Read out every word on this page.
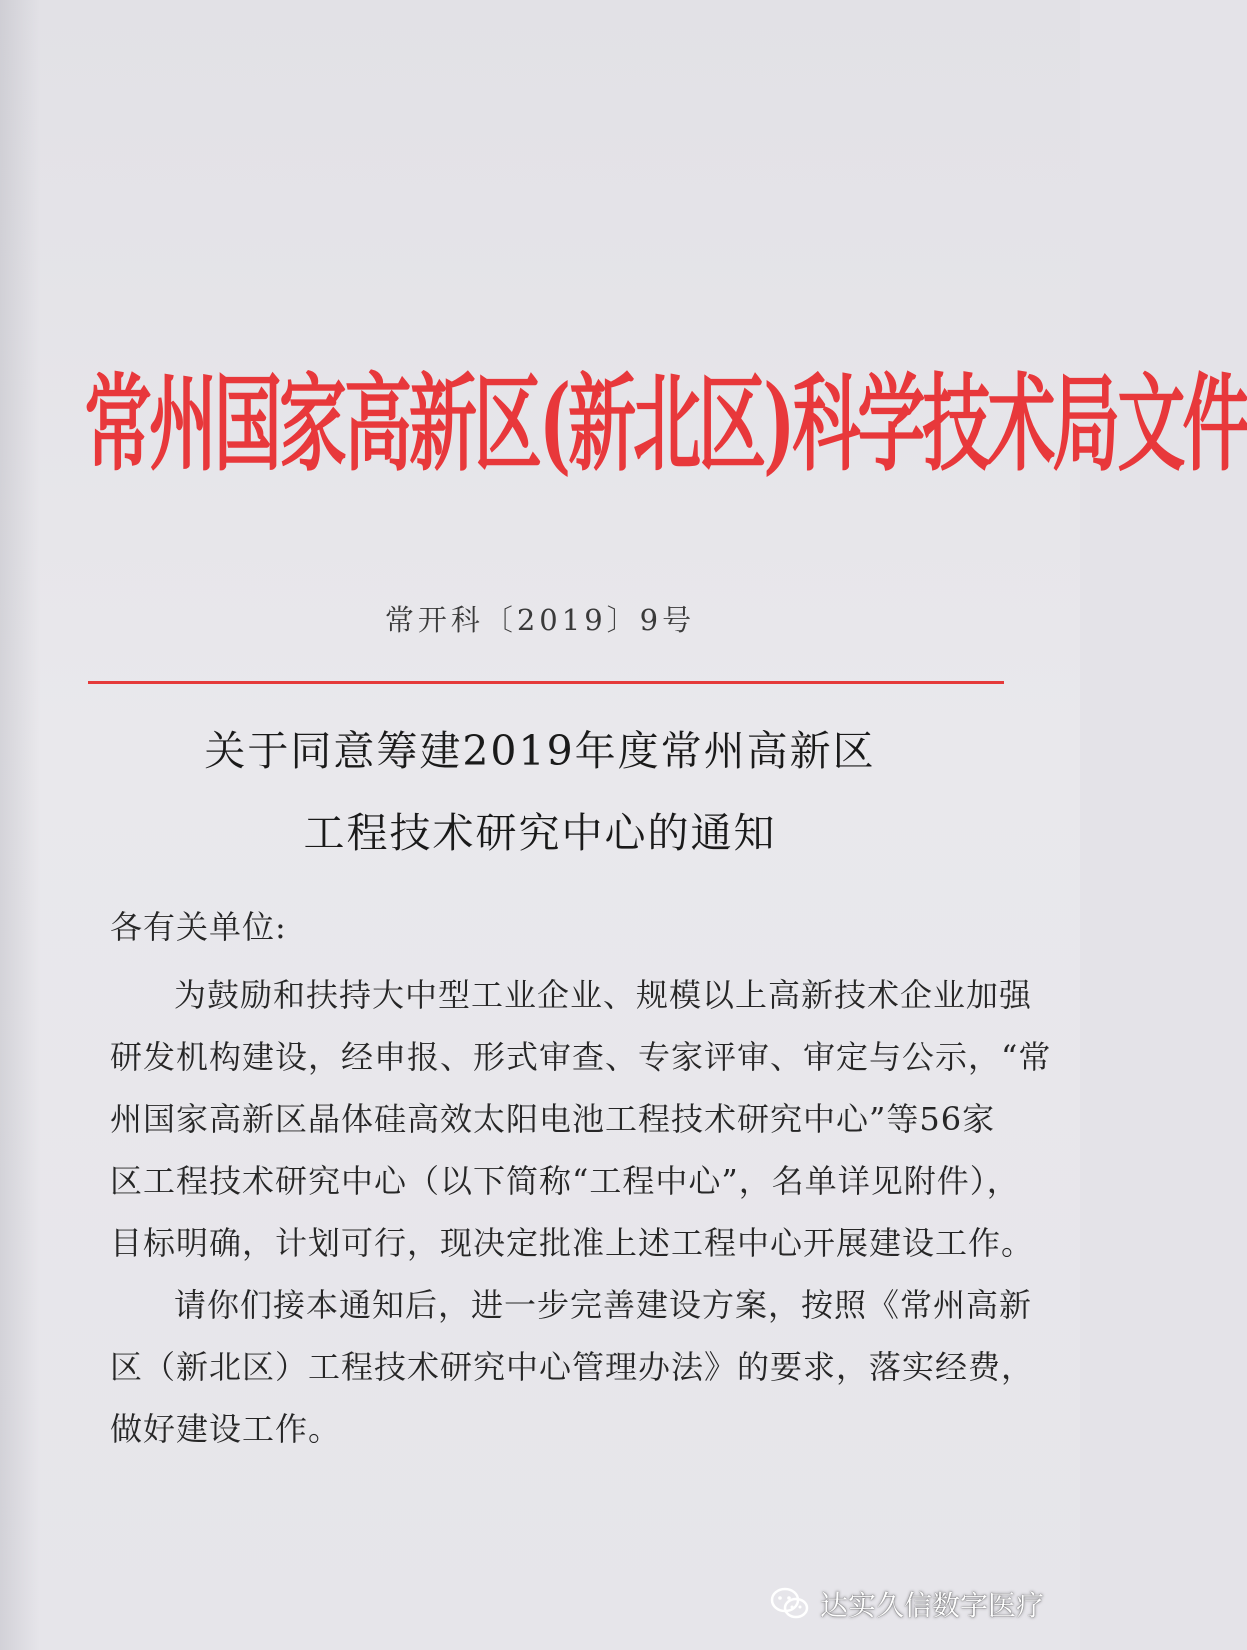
常州国家高新区(新北区)科学技术局文件
常开科〔2019〕9号
关于同意筹建2019年度常州高新区
工程技术研究中心的通知
各有关单位:
为鼓励和扶持大中型工业企业、规模以上高新技术企业加强
研发机构建设，经申报、形式审查、专家评审、审定与公示，“常
州国家高新区晶体硅高效太阳电池工程技术研究中心”等56家
区工程技术研究中心（以下简称“工程中心”，名单详见附件），
目标明确，计划可行，现决定批准上述工程中心开展建设工作。
请你们接本通知后，进一步完善建设方案，按照《常州高新
区（新北区）工程技术研究中心管理办法》的要求，落实经费，
做好建设工作。
达实久信数字医疗
